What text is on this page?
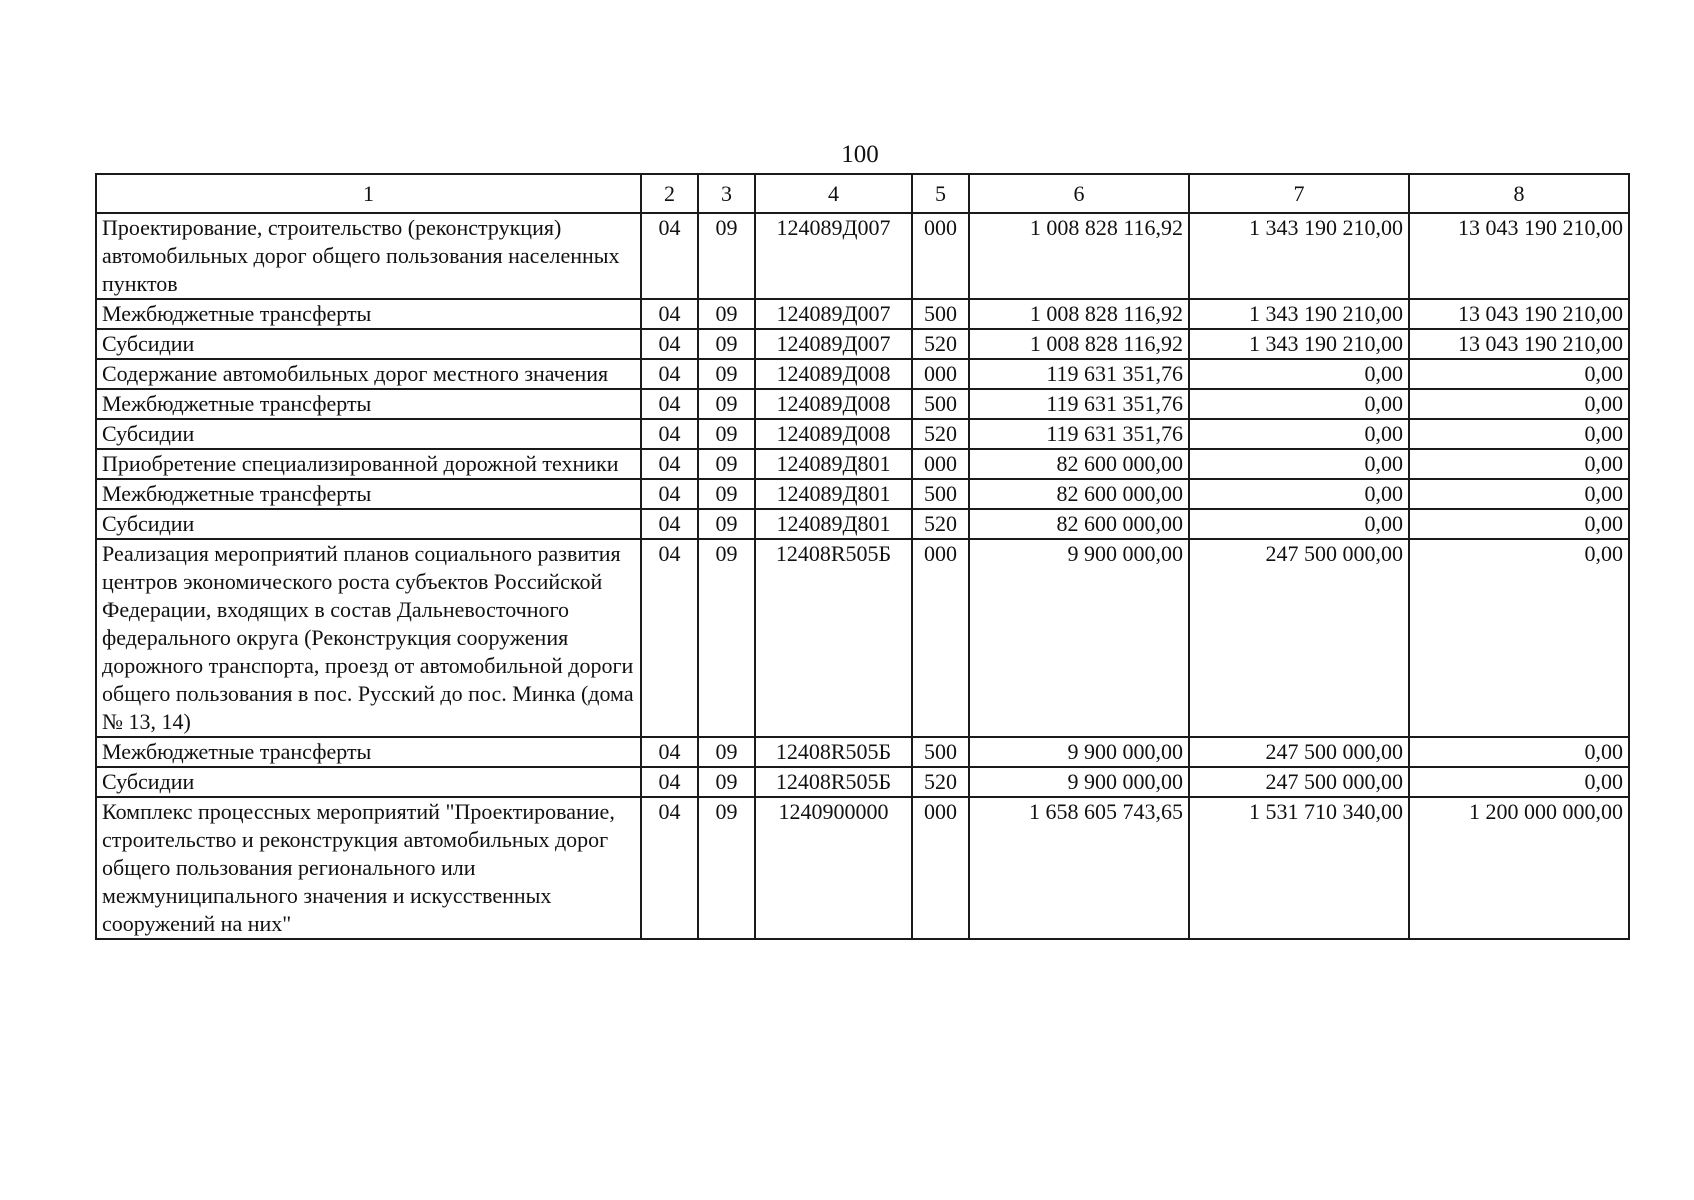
100
1	2	3	4	5	6	7	8
Проектирование, строительство (реконструкция) автомобильных дорог общего пользования населенных пунктов	04	09	124089Д007	000	1 008 828 116,92	1 343 190 210,00	13 043 190 210,00
Межбюджетные трансферты	04	09	124089Д007	500	1 008 828 116,92	1 343 190 210,00	13 043 190 210,00
Субсидии	04	09	124089Д007	520	1 008 828 116,92	1 343 190 210,00	13 043 190 210,00
Содержание автомобильных дорог местного значения	04	09	124089Д008	000	119 631 351,76	0,00	0,00
Межбюджетные трансферты	04	09	124089Д008	500	119 631 351,76	0,00	0,00
Субсидии	04	09	124089Д008	520	119 631 351,76	0,00	0,00
Приобретение специализированной дорожной техники	04	09	124089Д801	000	82 600 000,00	0,00	0,00
Межбюджетные трансферты	04	09	124089Д801	500	82 600 000,00	0,00	0,00
Субсидии	04	09	124089Д801	520	82 600 000,00	0,00	0,00
Реализация мероприятий планов социального развития центров экономического роста субъектов Российской Федерации, входящих в состав Дальневосточного федерального округа (Реконструкция сооружения дорожного транспорта, проезд от автомобильной дороги общего пользования в пос. Русский до пос. Минка (дома № 13, 14)	04	09	12408R505Б	000	9 900 000,00	247 500 000,00	0,00
Межбюджетные трансферты	04	09	12408R505Б	500	9 900 000,00	247 500 000,00	0,00
Субсидии	04	09	12408R505Б	520	9 900 000,00	247 500 000,00	0,00
Комплекс процессных мероприятий "Проектирование, строительство и реконструкция автомобильных дорог общего пользования регионального или межмуниципального значения и искусственных сооружений на них"	04	09	1240900000	000	1 658 605 743,65	1 531 710 340,00	1 200 000 000,00
